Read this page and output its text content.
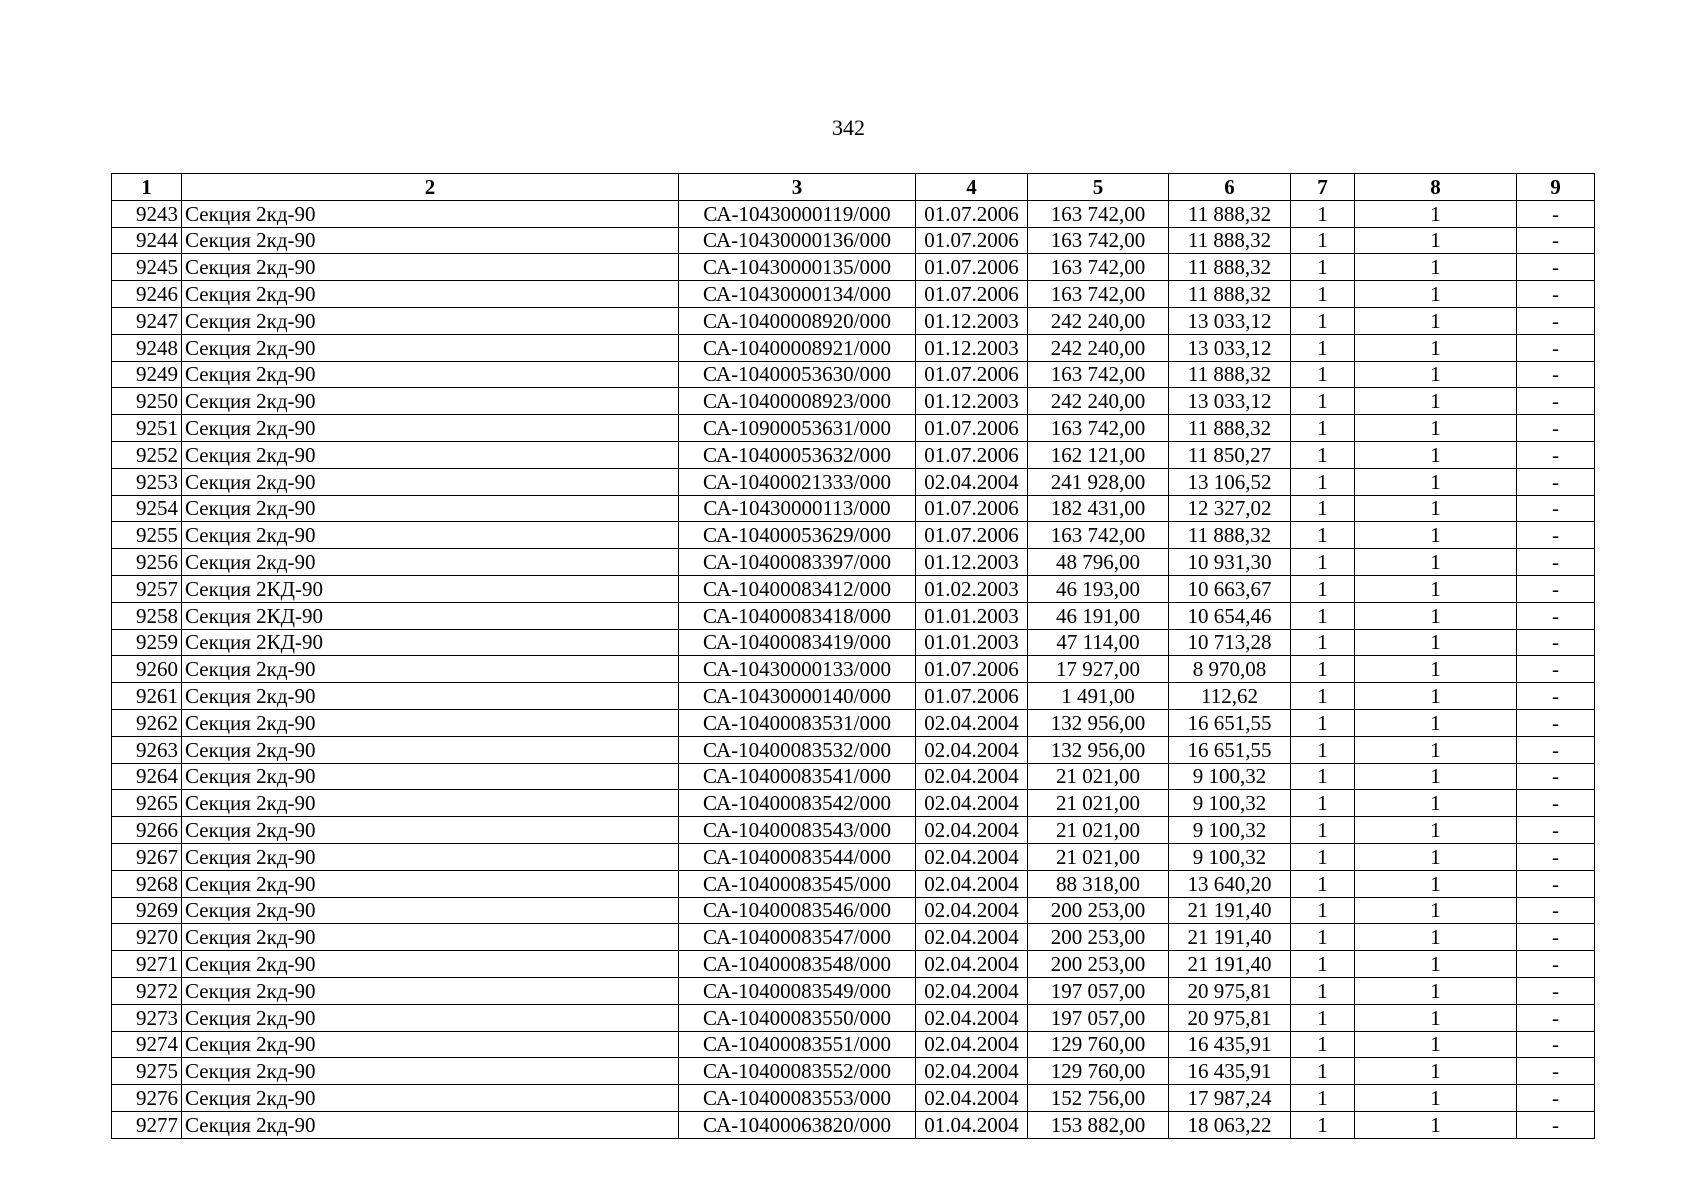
342
1	2	3	4	5	6	7	8	9
9243	Секция 2кд-90	СА-10430000119/000	01.07.2006	163 742,00	11 888,32	1	1	-
9244	Секция 2кд-90	СА-10430000136/000	01.07.2006	163 742,00	11 888,32	1	1	-
9245	Секция 2кд-90	СА-10430000135/000	01.07.2006	163 742,00	11 888,32	1	1	-
9246	Секция 2кд-90	СА-10430000134/000	01.07.2006	163 742,00	11 888,32	1	1	-
9247	Секция 2кд-90	СА-10400008920/000	01.12.2003	242 240,00	13 033,12	1	1	-
9248	Секция 2кд-90	СА-10400008921/000	01.12.2003	242 240,00	13 033,12	1	1	-
9249	Секция 2кд-90	СА-10400053630/000	01.07.2006	163 742,00	11 888,32	1	1	-
9250	Секция 2кд-90	СА-10400008923/000	01.12.2003	242 240,00	13 033,12	1	1	-
9251	Секция 2кд-90	СА-10900053631/000	01.07.2006	163 742,00	11 888,32	1	1	-
9252	Секция 2кд-90	СА-10400053632/000	01.07.2006	162 121,00	11 850,27	1	1	-
9253	Секция 2кд-90	СА-10400021333/000	02.04.2004	241 928,00	13 106,52	1	1	-
9254	Секция 2кд-90	СА-10430000113/000	01.07.2006	182 431,00	12 327,02	1	1	-
9255	Секция 2кд-90	СА-10400053629/000	01.07.2006	163 742,00	11 888,32	1	1	-
9256	Секция 2кд-90	СА-10400083397/000	01.12.2003	48 796,00	10 931,30	1	1	-
9257	Секция 2КД-90	СА-10400083412/000	01.02.2003	46 193,00	10 663,67	1	1	-
9258	Секция 2КД-90	СА-10400083418/000	01.01.2003	46 191,00	10 654,46	1	1	-
9259	Секция 2КД-90	СА-10400083419/000	01.01.2003	47 114,00	10 713,28	1	1	-
9260	Секция 2кд-90	СА-10430000133/000	01.07.2006	17 927,00	8 970,08	1	1	-
9261	Секция 2кд-90	СА-10430000140/000	01.07.2006	1 491,00	112,62	1	1	-
9262	Секция 2кд-90	СА-10400083531/000	02.04.2004	132 956,00	16 651,55	1	1	-
9263	Секция 2кд-90	СА-10400083532/000	02.04.2004	132 956,00	16 651,55	1	1	-
9264	Секция 2кд-90	СА-10400083541/000	02.04.2004	21 021,00	9 100,32	1	1	-
9265	Секция 2кд-90	СА-10400083542/000	02.04.2004	21 021,00	9 100,32	1	1	-
9266	Секция 2кд-90	СА-10400083543/000	02.04.2004	21 021,00	9 100,32	1	1	-
9267	Секция 2кд-90	СА-10400083544/000	02.04.2004	21 021,00	9 100,32	1	1	-
9268	Секция 2кд-90	СА-10400083545/000	02.04.2004	88 318,00	13 640,20	1	1	-
9269	Секция 2кд-90	СА-10400083546/000	02.04.2004	200 253,00	21 191,40	1	1	-
9270	Секция 2кд-90	СА-10400083547/000	02.04.2004	200 253,00	21 191,40	1	1	-
9271	Секция 2кд-90	СА-10400083548/000	02.04.2004	200 253,00	21 191,40	1	1	-
9272	Секция 2кд-90	СА-10400083549/000	02.04.2004	197 057,00	20 975,81	1	1	-
9273	Секция 2кд-90	СА-10400083550/000	02.04.2004	197 057,00	20 975,81	1	1	-
9274	Секция 2кд-90	СА-10400083551/000	02.04.2004	129 760,00	16 435,91	1	1	-
9275	Секция 2кд-90	СА-10400083552/000	02.04.2004	129 760,00	16 435,91	1	1	-
9276	Секция 2кд-90	СА-10400083553/000	02.04.2004	152 756,00	17 987,24	1	1	-
9277	Секция 2кд-90	СА-10400063820/000	01.04.2004	153 882,00	18 063,22	1	1	-
